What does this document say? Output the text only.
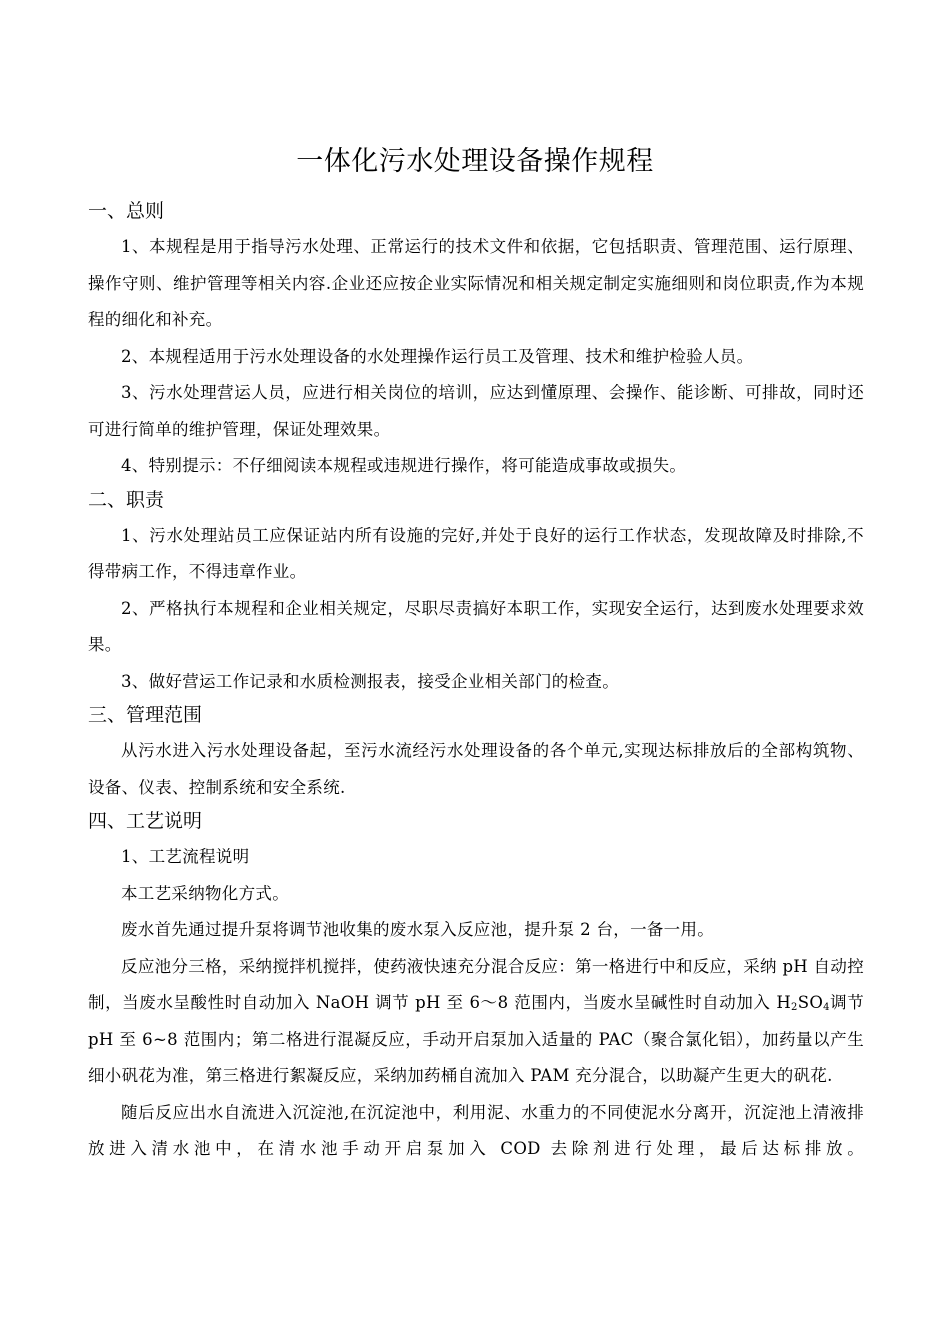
一体化污水处理设备操作规程
一、总则

1、本规程是用于指导污水处理、正常运行的技术文件和依据，它包括职责、管理范围、运行原理、操作守则、维护管理等相关内容.企业还应按企业实际情况和相关规定制定实施细则和岗位职责,作为本规程的细化和补充。

2、本规程适用于污水处理设备的水处理操作运行员工及管理、技术和维护检验人员。

3、污水处理营运人员，应进行相关岗位的培训，应达到懂原理、会操作、能诊断、可排故，同时还可进行简单的维护管理，保证处理效果。

4、特别提示：不仔细阅读本规程或违规进行操作，将可能造成事故或损失。

二、职责

1、污水处理站员工应保证站内所有设施的完好,并处于良好的运行工作状态，发现故障及时排除,不得带病工作，不得违章作业。

2、严格执行本规程和企业相关规定，尽职尽责搞好本职工作，实现安全运行，达到废水处理要求效果。

3、做好营运工作记录和水质检测报表，接受企业相关部门的检查。

三、管理范围

从污水进入污水处理设备起，至污水流经污水处理设备的各个单元,实现达标排放后的全部构筑物、设备、仪表、控制系统和安全系统.

四、工艺说明

1、工艺流程说明

本工艺采纳物化方式。

废水首先通过提升泵将调节池收集的废水泵入反应池，提升泵 2 台，一备一用。

反应池分三格，采纳搅拌机搅拌，使药液快速充分混合反应：第一格进行中和反应，采纳 pH 自动控制，当废水呈酸性时自动加入 NaOH 调节 pH 至 6～8 范围内，当废水呈碱性时自动加入 $H_2SO_4$调节 pH 至 6~8 范围内；第二格进行混凝反应，手动开启泵加入适量的 PAC（聚合氯化铝），加药量以产生细小矾花为准，第三格进行絮凝反应，采纳加药桶自流加入 PAM 充分混合，以助凝产生更大的矾花.

随后反应出水自流进入沉淀池,在沉淀池中，利用泥、水重力的不同使泥水分离开，沉淀池上清液排放进入清水池中，在清水池手动开启泵加入 COD 去除剂进行处理，最后达标排放。
